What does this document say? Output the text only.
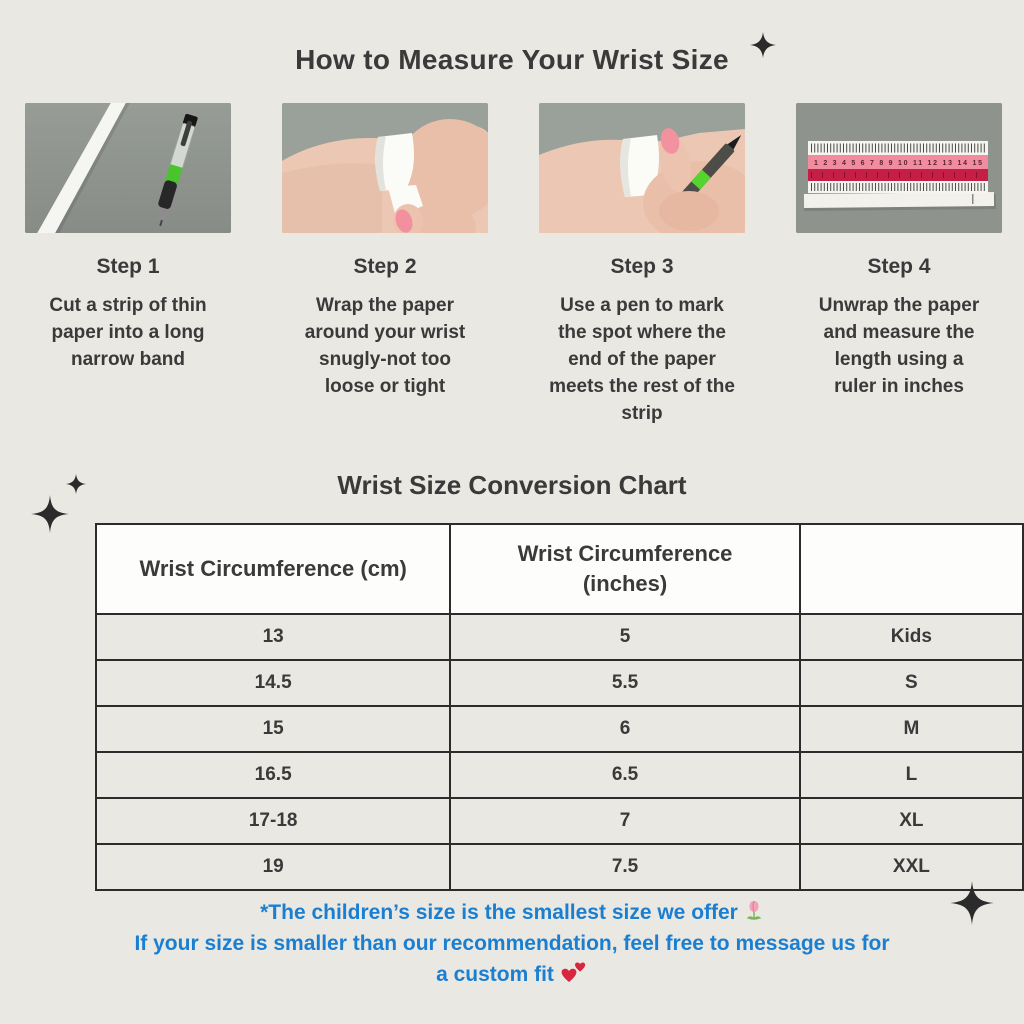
How to Measure Your Wrist Size
Step 1
Cut a strip of thin
paper into a long
narrow band
Step 2
Wrap the paper
around your wrist
snugly-not too
loose or tight
Step 3
Use a pen to mark
the spot where the
end of the paper
meets the rest of the
strip
1 2 3 4 5 6 7 8 9 10 11 12 13 14 15
Step 4
Unwrap the paper
and measure the
length using a
ruler in inches
Wrist Size Conversion Chart
Wrist Circumference (cm)	Wrist Circumference (inches)	
13	5	Kids
14.5	5.5	S
15	6	M
16.5	6.5	L
17-18	7	XL
19	7.5	XXL
*The children’s size is the smallest size we offer
If your size is smaller than our recommendation, feel free to message us for
a custom fit
